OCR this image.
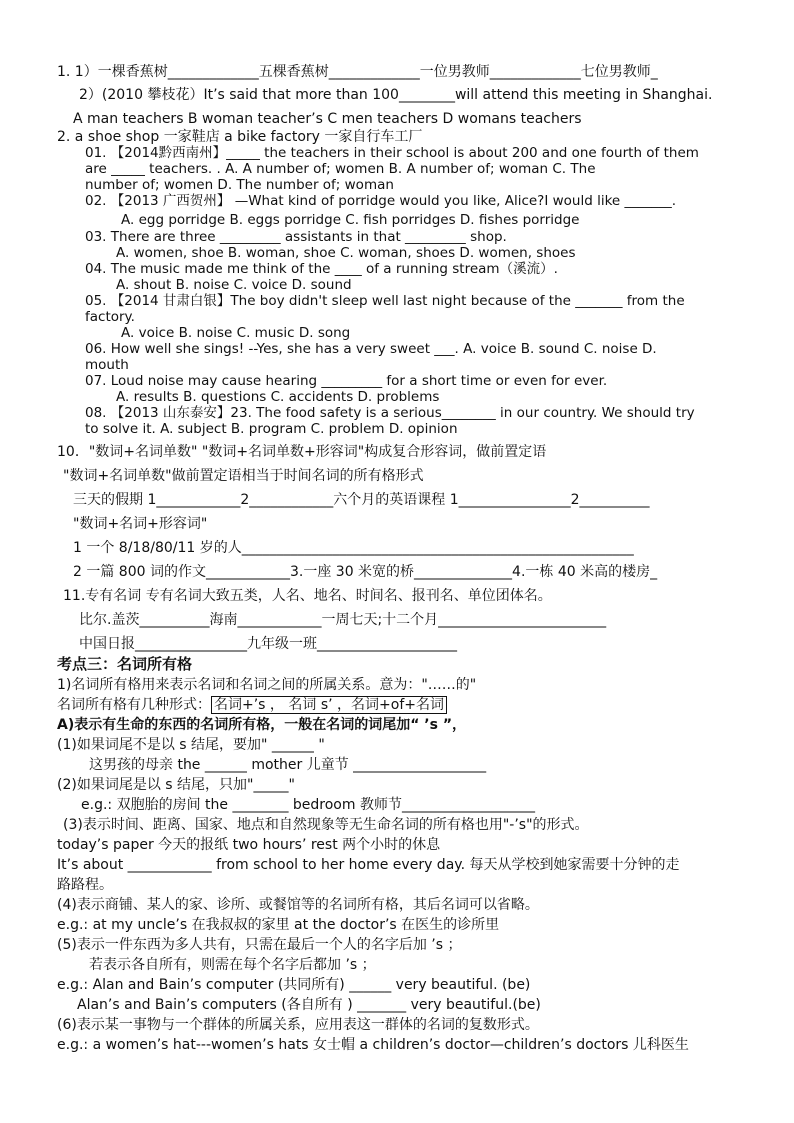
1. 1）一棵香蕉树_____________五棵香蕉树_____________一位男教师_____________七位男教师_
2）(2010 攀枝花）It’s said that more than 100________will attend this meeting in Shanghai.
A man teachers B woman teacher’s C men teachers D womans teachers
2. a shoe shop 一家鞋店 a bike factory 一家自行车工厂
01. 【2014黔西南州】_____ the teachers in their school is about 200 and one fourth of them
are _____ teachers. . A. A number of; women B. A number of; woman C. The
number of; women D. The number of; woman
02. 【2013 广西贺州】 —What kind of porridge would you like, Alice?I would like _______.
A. egg porridge B. eggs porridge C. fish porridges D. fishes porridge
03. There are three _________ assistants in that _________ shop.
A. women, shoe B. woman, shoe C. woman, shoes D. women, shoes
04. The music made me think of the ____ of a running stream（溪流）.
A. shout B. noise C. voice D. sound
05. 【2014 甘肃白银】The boy didn't sleep well last night because of the _______ from the
factory.
A. voice B. noise C. music D. song
06. How well she sings! --Yes, she has a very sweet ___. A. voice B. sound C. noise D.
mouth
07. Loud noise may cause hearing _________ for a short time or even for ever.
A. results B. questions C. accidents D. problems
08. 【2013 山东泰安】23. The food safety is a serious________ in our country. We should try
to solve it. A. subject B. program C. problem D. opinion
10．"数词+名词单数" "数词+名词单数+形容词"构成复合形容词，做前置定语
"数词+名词单数"做前置定语相当于时间名词的所有格形式
三天的假期 1____________2____________六个月的英语课程 1________________2__________
"数词+名词+形容词"
1 一个 8/18/80/11 岁的人________________________________________________________
2 一篇 800 词的作文____________3.一座 30 米宽的桥______________4.一栋 40 米高的楼房_
11.专有名词 专有名词大致五类，人名、地名、时间名、报刊名、单位团体名。
比尔.盖茨__________海南____________一周七天;十二个月________________________
中国日报________________九年级一班____________________
考点三：名词所有格
1)名词所有格用来表示名词和名词之间的所属关系。意为："……的"
名词所有格有几种形式： 名词+’s ， 名词 s’ ，名词+of+名词
A)表示有生命的东西的名词所有格，一般在名词的词尾加“ ’s ”，
(1)如果词尾不是以 s 结尾，要加" ______ "
这男孩的母亲 the ______ mother 儿童节 ___________________
(2)如果词尾是以 s 结尾，只加"_____"
e.g.: 双胞胎的房间 the ________ bedroom 教师节___________________
(3)表示时间、距离、国家、地点和自然现象等无生命名词的所有格也用"-’s"的形式。
today’s paper 今天的报纸 two hours’ rest 两个小时的休息
It’s about ____________ from school to her home every day. 每天从学校到她家需要十分钟的走
路路程。
(4)表示商铺、某人的家、诊所、或餐馆等的名词所有格，其后名词可以省略。
e.g.: at my uncle’s 在我叔叔的家里 at the doctor’s 在医生的诊所里
(5)表示一件东西为多人共有，只需在最后一个人的名字后加 ’s ；
若表示各自所有，则需在每个名字后都加 ’s ；
e.g.: Alan and Bain’s computer (共同所有) ______ very beautiful. (be)
Alan’s and Bain’s computers (各自所有 ) _______ very beautiful.(be)
(6)表示某一事物与一个群体的所属关系，应用表这一群体的名词的复数形式。
e.g.: a women’s hat---women’s hats 女士帽 a children’s doctor—children’s doctors 儿科医生
